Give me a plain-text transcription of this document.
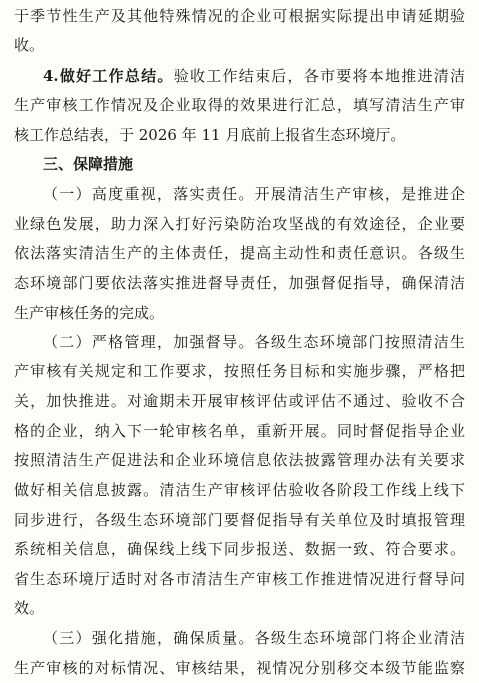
于季节性生产及其他特殊情况的企业可根据实际提出申请延期验
收。
4.做好工作总结。验收工作结束后，各市要将本地推进清洁
生产审核工作情况及企业取得的效果进行汇总，填写清洁生产审
核工作总结表，于 2026 年 11 月底前上报省生态环境厅。
三、保障措施
（一）高度重视，落实责任。开展清洁生产审核，是推进企
业绿色发展，助力深入打好污染防治攻坚战的有效途径，企业要
依法落实清洁生产的主体责任，提高主动性和责任意识。各级生
态环境部门要依法落实推进督导责任，加强督促指导，确保清洁
生产审核任务的完成。
（二）严格管理，加强督导。各级生态环境部门按照清洁生
产审核有关规定和工作要求，按照任务目标和实施步骤，严格把
关，加快推进。对逾期未开展审核评估或评估不通过、验收不合
格的企业，纳入下一轮审核名单，重新开展。同时督促指导企业
按照清洁生产促进法和企业环境信息依法披露管理办法有关要求
做好相关信息披露。清洁生产审核评估验收各阶段工作线上线下
同步进行，各级生态环境部门要督促指导有关单位及时填报管理
系统相关信息，确保线上线下同步报送、数据一致、符合要求。
省生态环境厅适时对各市清洁生产审核工作推进情况进行督导问
效。
（三）强化措施，确保质量。各级生态环境部门将企业清洁
生产审核的对标情况、审核结果，视情况分别移交本级节能监察
